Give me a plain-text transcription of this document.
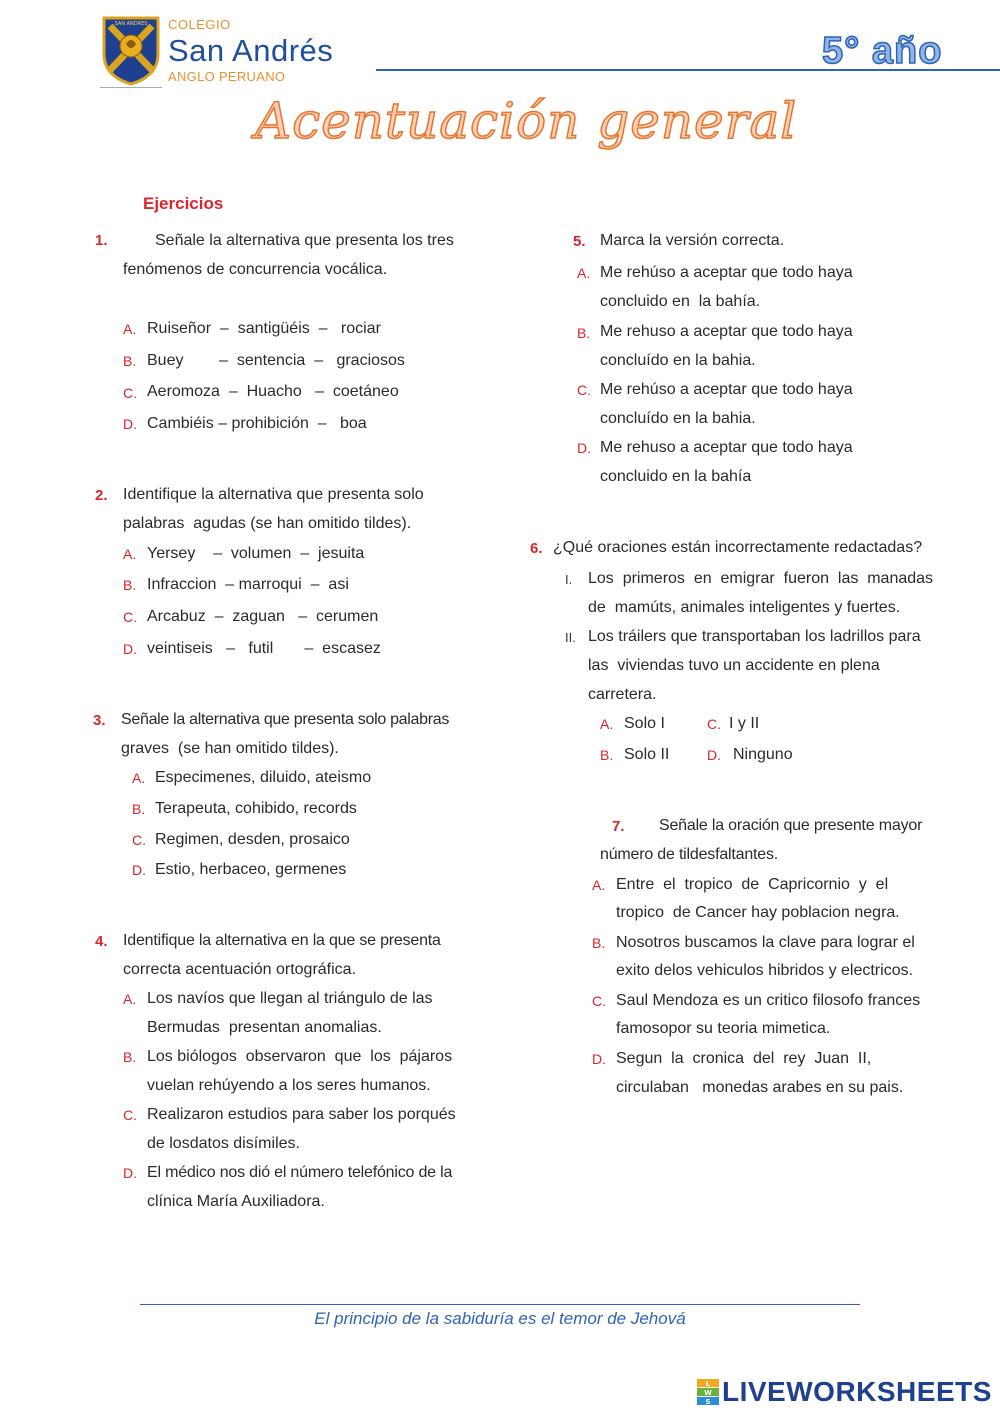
SAN ANDRES COLEGIO
San Andrés
ANGLO PERUANO
5° año
Acentuación general
Ejercicios
1.	Señale la alternativa que presenta los tres
fenómenos de concurrencia vocálica.
A. Ruiseñor  –  santigüéis  –   rociar
B. Buey        –  sentencia  –   graciosos
C. Aeromoza  –  Huacho   –  coetáneo
D. Cambiéis – prohibición  –   boa
2. Identifique la alternativa que presenta solo
palabras  agudas (se han omitido tildes).
A. Yersey    –  volumen  –  jesuita
B. Infraccion  – marroqui  –  asi
C. Arcabuz  –  zaguan   –  cerumen
D. veintiseis   –   futil       –  escasez
3. Señale la alternativa que presenta solo palabras
graves  (se han omitido tildes).
A. Especimenes, diluido, ateismo
B. Terapeuta, cohibido, records
C. Regimen, desden, prosaico
D. Estio, herbaceo, germenes
4. Identifique la alternativa en la que se presenta
correcta acentuación ortográfica.
A. Los navíos que llegan al triángulo de las
Bermudas  presentan anomalias.
B. Los biólogos  observaron  que  los  pájaros
vuelan rehúyendo a los seres humanos.
C. Realizaron estudios para saber los porqués
de losdatos disímiles.
D. El médico nos dió el número telefónico de la
clínica María Auxiliadora.
5. Marca la versión correcta.
A. Me rehúso a aceptar que todo haya
concluido en  la bahía.
B. Me rehuso a aceptar que todo haya
concluído en la bahia.
C. Me rehúso a aceptar que todo haya
concluído en la bahia.
D. Me rehuso a aceptar que todo haya
concluido en la bahía
6. ¿Qué oraciones están incorrectamente redactadas?
I. Los  primeros  en  emigrar  fueron  las  manadas
de  mamúts, animales inteligentes y fuertes.
II. Los tráilers que transportaban los ladrillos para
las  viviendas tuvo un accidente en plena
carretera.
A. Solo I	C. I y II
B. Solo II	D. Ninguno
7. Señale la oración que presente mayor
número de tildesfaltantes.
A. Entre  el  tropico  de  Capricornio  y  el
tropico  de Cancer hay poblacion negra.
B. Nosotros buscamos la clave para lograr el
exito delos vehiculos hibridos y electricos.
C. Saul Mendoza es un critico filosofo frances
famosopor su teoria mimetica.
D. Segun  la  cronica  del  rey  Juan  II,
circulaban   monedas arabes en su pais.
El principio de la sabiduría es el temor de Jehová
L
W
S LIVEWORKSHEETS
